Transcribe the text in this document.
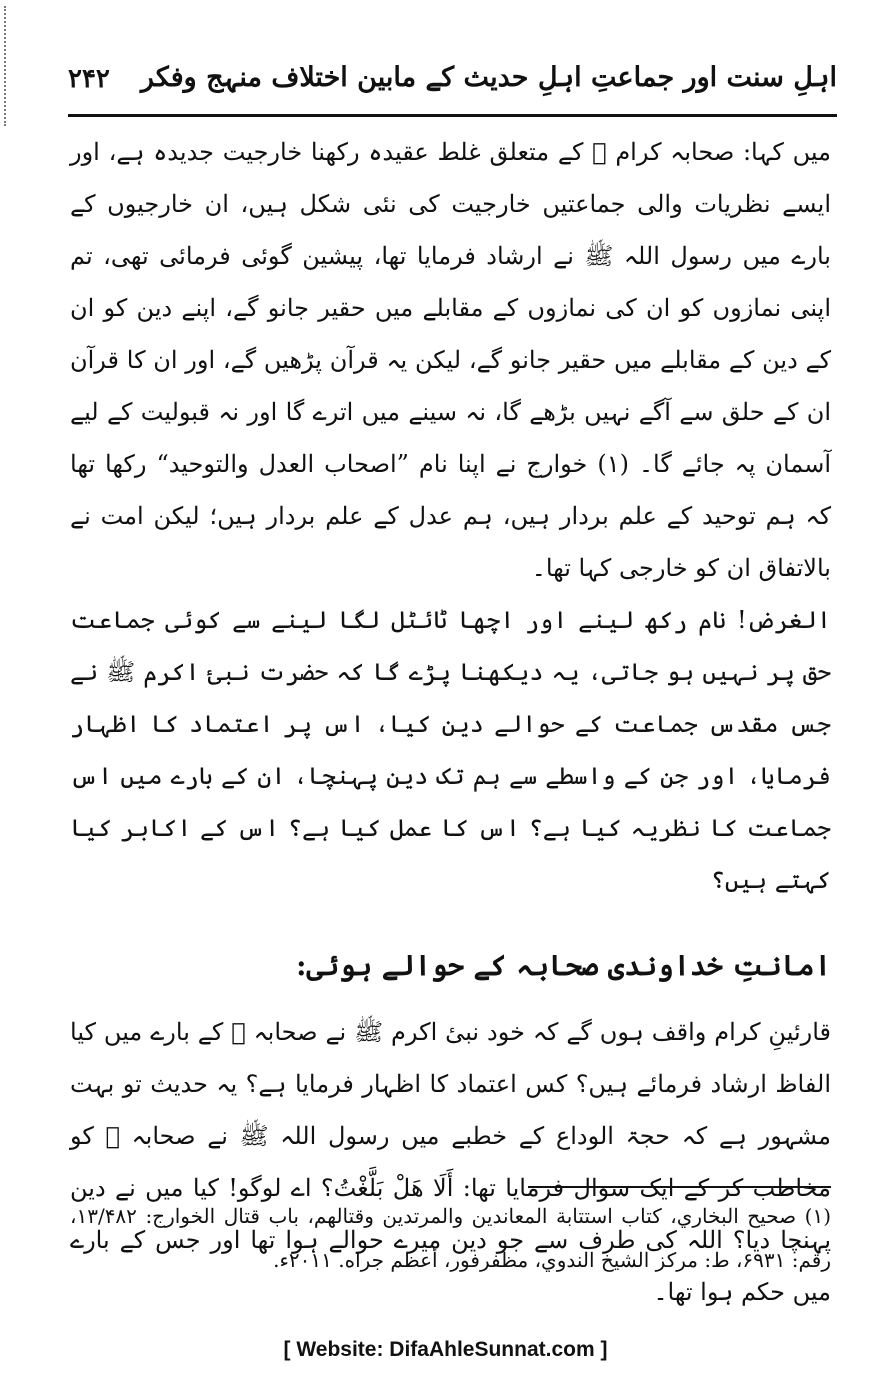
اہلِ سنت اور جماعتِ اہلِ حدیث کے مابین اختلاف منہج وفکر
۲۴۲

میں کہا: صحابہ کرام ﷢ کے متعلق غلط عقیدہ رکھنا خارجیت جدیدہ ہے، اور ایسے نظریات والی جماعتیں خارجیت کی نئی شکل ہیں، ان خارجیوں کے بارے میں رسول اللہ ﷺ نے ارشاد فرمایا تھا، پیشین گوئی فرمائی تھی، تم اپنی نمازوں کو ان کی نمازوں کے مقابلے میں حقیر جانو گے، اپنے دین کو ان کے دین کے مقابلے میں حقیر جانو گے، لیکن یہ قرآن پڑھیں گے، اور ان کا قرآن ان کے حلق سے آگے نہیں بڑھے گا، نہ سینے میں اترے گا اور نہ قبولیت کے لیے آسمان پہ جائے گا۔ (۱) خوارج نے اپنا نام ”اصحاب العدل والتوحید“ رکھا تھا کہ ہم توحید کے علم بردار ہیں، ہم عدل کے علم بردار ہیں؛ لیکن امت نے بالاتفاق ان کو خارجی کہا تھا۔

الغرض! نام رکھ لینے اور اچھا ٹائٹل لگا لینے سے کوئی جماعت حق پر نہیں ہو جاتی، یہ دیکھنا پڑے گا کہ حضرت نبیٔ اکرم ﷺ نے جس مقدس جماعت کے حوالے دین کیا، اس پر اعتماد کا اظہار فرمایا، اور جن کے واسطے سے ہم تک دین پہنچا، ان کے بارے میں اس جماعت کا نظریہ کیا ہے؟ اس کا عمل کیا ہے؟ اس کے اکابر کیا کہتے ہیں؟

امانتِ خداوندی صحابہ کے حوالے ہوئی:

قارئینِ کرام واقف ہوں گے کہ خود نبیٔ اکرم ﷺ نے صحابہ ﷢ کے بارے میں کیا الفاظ ارشاد فرمائے ہیں؟ کس اعتماد کا اظہار فرمایا ہے؟ یہ حدیث تو بہت مشہور ہے کہ حجۃ الوداع کے خطبے میں رسول اللہ ﷺ نے صحابہ ﷢ کو مخاطب کر کے ایک سوال فرمایا تھا: أَلَا هَلْ بَلَّغْتُ؟ اے لوگو! کیا میں نے دین پہنچا دیا؟ اللہ کی طرف سے جو دین میرے حوالے ہوا تھا اور جس کے بارے میں حکم ہوا تھا۔

(۱) صحيح البخاري، كتاب استتابة المعاندين والمرتدين وقتالهم، باب قتال الخوارج: ۱۳/۴۸۲، رقم: ۶۹۳۱، ط: مركز الشيخ الندوي، مظفرفور، أعظم جراه. ۲۰۱۱ء.

[ Website: DifaAhleSunnat.com ]
